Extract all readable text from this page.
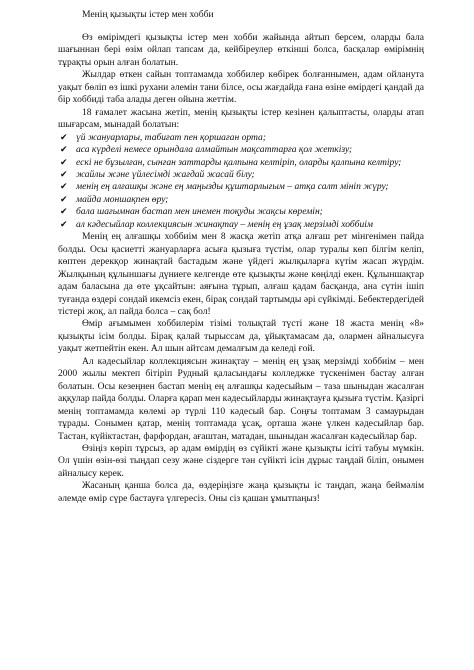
Менің қызықты істер мен хобби

Өз өмірімдегі қызықты істер мен хобби жайында айтып берсем, оларды бала шағыннан бері өзім ойлап тапсам да, кейбіреулер өткінші болса, басқалар өмірімнің тұрақты орын алған болатын.

Жылдар өткен сайын топтамамда хоббилер көбірек болғаннымен, адам ойланута уақыт бөліп өз ішкі рухани әлемін тани білсе, осы жағдайда ғана өзіне өмірдегі қандай да бір хоббиді таба алады деген ойына жеттім.

18 ғамалет жасына жетіп, менің қызықты істер кезінен қалыптасты, оларды атап шығарсам, мынадай болатын:

✔ үй жануарлары, табиғат пен қоршаған орта;
✔ аса күрделі немесе орындала алмайтын мақсаттарға қол жеткізу;
✔ ескі не бұзылған, сынған заттарды қалпына келтіріп, оларды қалпына келтіру;
✔ жайлы және үйлесімді жағдай жасай білу;
✔ менің ең алғашқы және ең маңызды құштарлығым – атқа салт мініп жүру;
✔ майда моншақпен өру;
✔ бала шағымнан бастап мен инемен тоқуды жақсы көремін;
✔ ал кәдесыйлар коллекциясын жинақтау – менің ең ұзақ мерзімді хоббиім

Менің ең алғашқы хоббиім мен 8 жасқа жетіп атқа алғаш рет мінгенімен пайда болды. Осы қасиетті жануарларға асыға қызыға түстім, олар туралы көп білгім келіп, көптен дерекқор жинақтай бастадым және үйдегі жылқыларға күтім жасап жүрдім. Жылқының құлыншағы дүниеге келгенде өте қызықты және көңілді екен. Құлыншақтар адам баласына да өте ұқсайтын: аяғына тұрып, алғаш қадам басқанда, ана сүтін ішіп туғанда өздері сондай икемсіз екен, бірақ сондай тартымды әрі сүйкімді. Бебектердегідей тістері жоқ, ал пайда болса – сақ бол!

Өмір ағымымен хоббилерім тізімі толықтай түсті және 18 жаста менің «8» қызықты ісім болды. Бірақ қалай тырыссам да, ұйықтамасам да, олармен айналысуға уақыт жетпейтін екен. Ал шын айтсам демалғым да келеді ғой.

Ал кәдесыйлар коллекциясын жинақтау – менің ең ұзақ мерзімді хоббиім – мен 2000 жылы мектеп бітіріп Рудный қаласындағы колледжке түскенімен бастау алған болатын. Осы кезеңнен бастап менің ең алғашқы кәдесыйым – таза шыныдан жасалған аққулар пайда болды. Оларға қарап мен кәдесыйларды жинақтауға қызыға түстім. Қазіргі менің топтамамда көлемі әр түрлі 110 кәдесый бар. Соңғы топтамам 3 самаурыдан тұрады. Сонымен қатар, менің топтамада ұсақ, орташа және үлкен кәдесыйлар бар. Тастан, күйіктастан, фарфордан, ағаштан, матадан, шыныдан жасалған кәдесыйлар бар.

Өзіңіз көріп тұрсыз, әр адам өмірдің өз сүйікті және қызықты ісіті табуы мүмкін. Ол үшін өзін-өзі тыңдап сезу және сіздерге тән сүйікті ісін дұрыс таңдай біліп, онымен айналысу керек.

Жасаның қанша болса да, өздеріңізге жаңа қызықты іс таңдап, жаңа беймәлім әлемде өмір сүре бастауға үлгересіз. Оны сіз қашан ұмытпаңыз!
